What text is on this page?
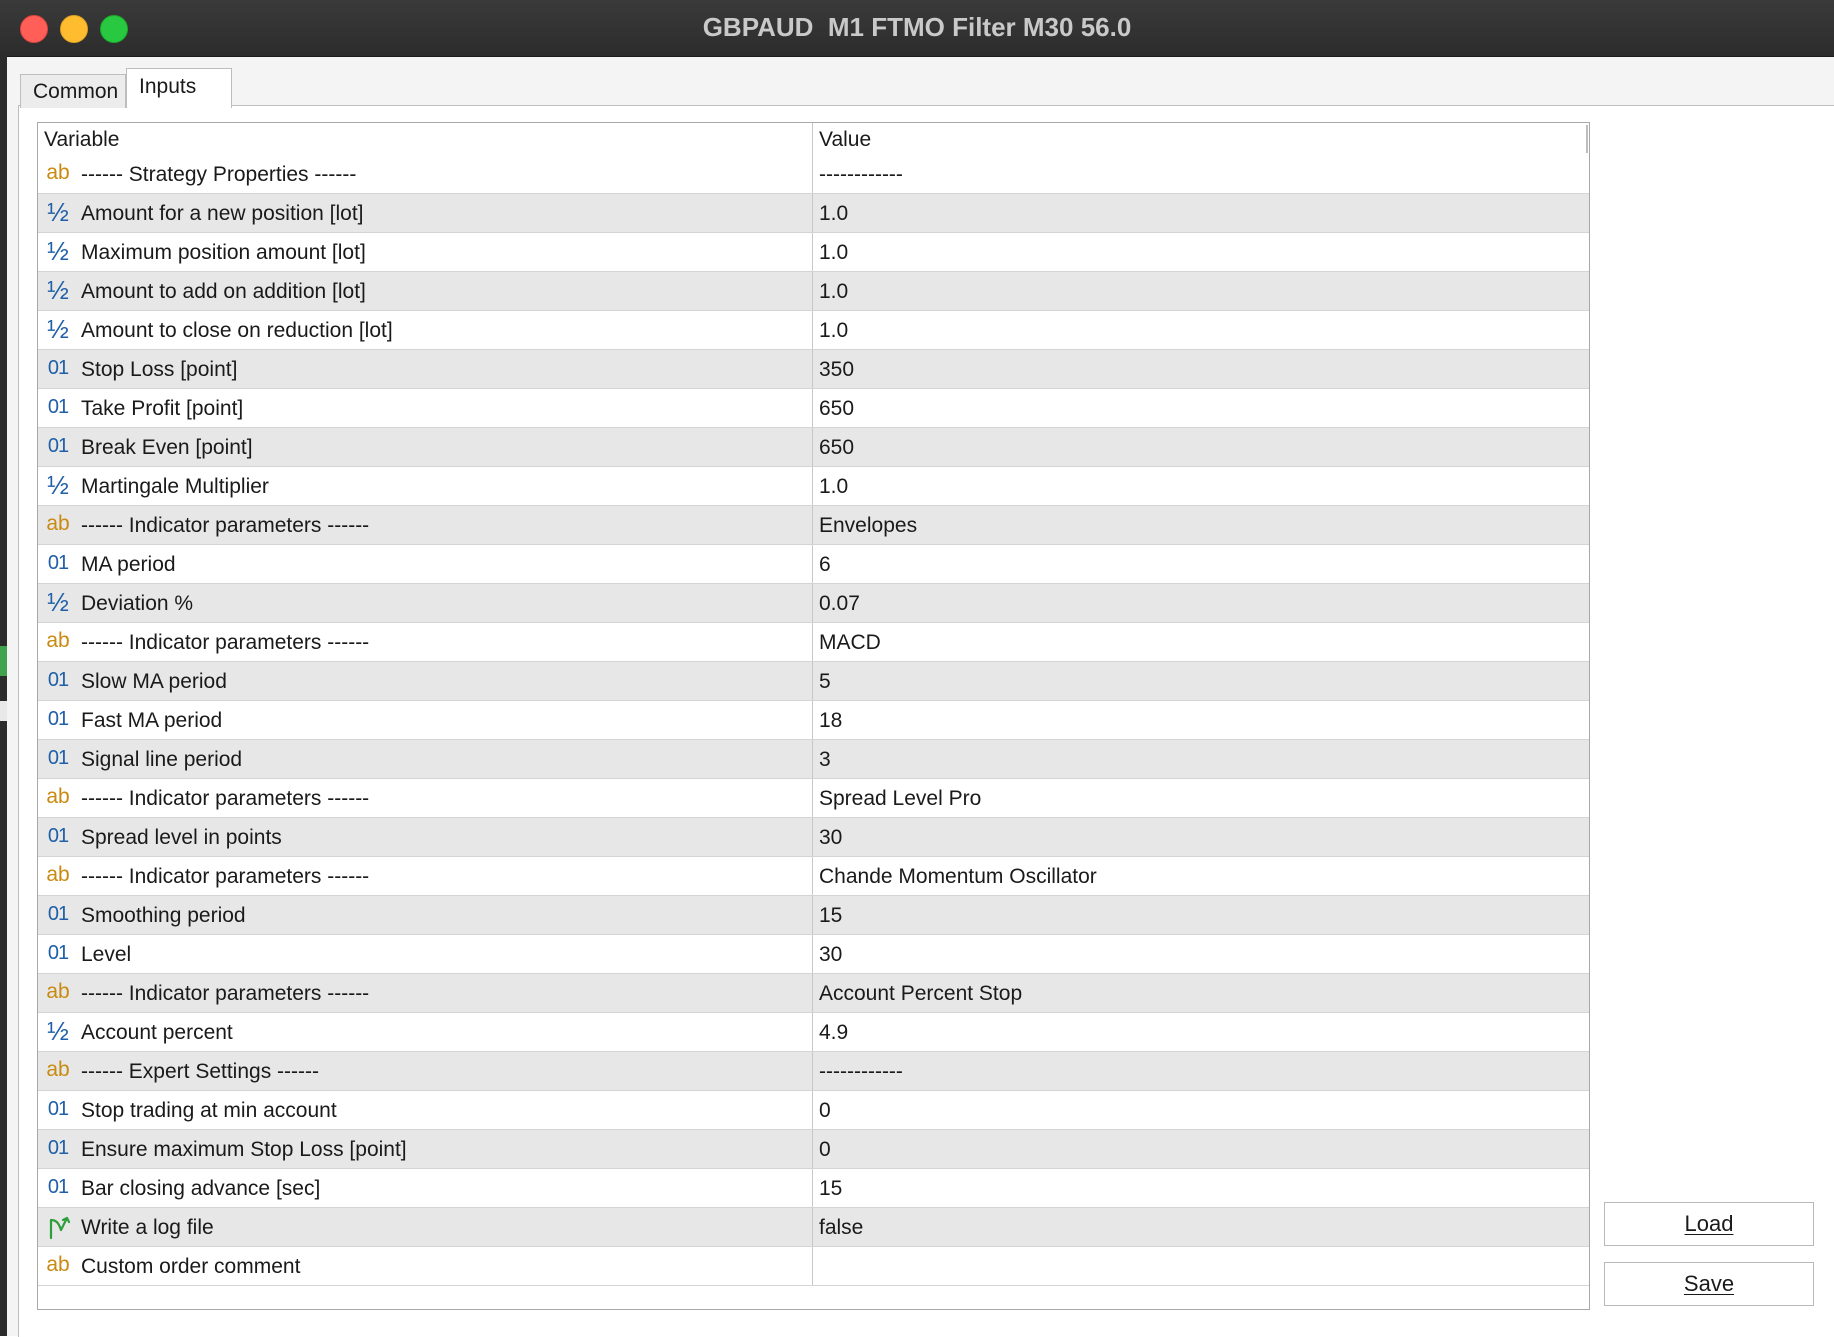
GBPAUD  M1 FTMO Filter M30 56.0
Common Inputs
Variable	Value
ab ------ Strategy Properties ------	------------
½ Amount for a new position [lot]	1.0
½ Maximum position amount [lot]	1.0
½ Amount to add on addition [lot]	1.0
½ Amount to close on reduction [lot]	1.0
01 Stop Loss [point]	350
01 Take Profit [point]	650
01 Break Even [point]	650
½ Martingale Multiplier	1.0
ab ------ Indicator parameters ------	Envelopes
01 MA period	6
½ Deviation %	0.07
ab ------ Indicator parameters ------	MACD
01 Slow MA period	5
01 Fast MA period	18
01 Signal line period	3
ab ------ Indicator parameters ------	Spread Level Pro
01 Spread level in points	30
ab ------ Indicator parameters ------	Chande Momentum Oscillator
01 Smoothing period	15
01 Level	30
ab ------ Indicator parameters ------	Account Percent Stop
½ Account percent	4.9
ab ------ Expert Settings ------	------------
01 Stop trading at min account	0
01 Ensure maximum Stop Loss [point]	0
01 Bar closing advance [sec]	15
Write a log file	false
ab Custom order comment
Load
Save
